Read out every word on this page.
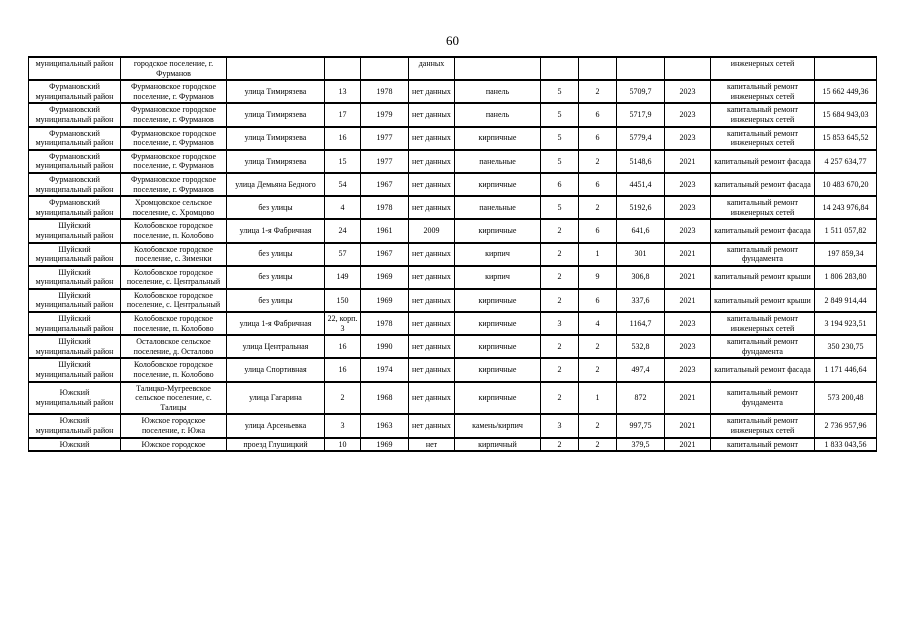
60
муниципальный район	городское поселение, г. Фурманов				данных						инженерных сетей	
Фурмановский муниципальный район	Фурмановское городское поселение, г. Фурманов	улица Тимирязева	13	1978	нет данных	панель	5	2	5709,7	2023	капитальный ремонт инженерных сетей	15 662 449,36
Фурмановский муниципальный район	Фурмановское городское поселение, г. Фурманов	улица Тимирязева	17	1979	нет данных	панель	5	6	5717,9	2023	капитальный ремонт инженерных сетей	15 684 943,03
Фурмановский муниципальный район	Фурмановское городское поселение, г. Фурманов	улица Тимирязева	16	1977	нет данных	кирпичные	5	6	5779,4	2023	капитальный ремонт инженерных сетей	15 853 645,52
Фурмановский муниципальный район	Фурмановское городское поселение, г. Фурманов	улица Тимирязева	15	1977	нет данных	панельные	5	2	5148,6	2021	капитальный ремонт фасада	4 257 634,77
Фурмановский муниципальный район	Фурмановское городское поселение, г. Фурманов	улица Демьяна Бедного	54	1967	нет данных	кирпичные	6	6	4451,4	2023	капитальный ремонт фасада	10 483 670,20
Фурмановский муниципальный район	Хромцовское сельское поселение, с. Хромцово	без улицы	4	1978	нет данных	панельные	5	2	5192,6	2023	капитальный ремонт инженерных сетей	14 243 976,84
Шуйский муниципальный район	Колобовское городское поселение, п. Колобово	улица 1-я Фабричная	24	1961	2009	кирпичные	2	6	641,6	2023	капитальный ремонт фасада	1 511 057,82
Шуйский муниципальный район	Колобовское городское поселение, с. Зименки	без улицы	57	1967	нет данных	кирпич	2	1	301	2021	капитальный ремонт фундамента	197 859,34
Шуйский муниципальный район	Колобовское городское поселение, с. Центральный	без улицы	149	1969	нет данных	кирпич	2	9	306,8	2021	капитальный ремонт крыши	1 806 283,80
Шуйский муниципальный район	Колобовское городское поселение, с. Центральный	без улицы	150	1969	нет данных	кирпичные	2	6	337,6	2021	капитальный ремонт крыши	2 849 914,44
Шуйский муниципальный район	Колобовское городское поселение, п. Колобово	улица 1-я Фабричная	22, корп. 3	1978	нет данных	кирпичные	3	4	1164,7	2023	капитальный ремонт инженерных сетей	3 194 923,51
Шуйский муниципальный район	Осталовское сельское поселение, д. Осталово	улица Центральная	16	1990	нет данных	кирпичные	2	2	532,8	2023	капитальный ремонт фундамента	350 230,75
Шуйский муниципальный район	Колобовское городское поселение, п. Колобово	улица Спортивная	16	1974	нет данных	кирпичные	2	2	497,4	2023	капитальный ремонт фасада	1 171 446,64
Южский муниципальный район	Талицко-Мугреевское сельское поселение, с. Талицы	улица Гагарина	2	1968	нет данных	кирпичные	2	1	872	2021	капитальный ремонт фундамента	573 200,48
Южский муниципальный район	Южское городское поселение, г. Южа	улица Арсеньевка	3	1963	нет данных	камень/кирпич	3	2	997,75	2021	капитальный ремонт инженерных сетей	2 736 957,96
Южский	Южское городское	проезд Глушицкий	10	1969	нет	кирпичный	2	2	379,5	2021	капитальный ремонт	1 833 043,56
